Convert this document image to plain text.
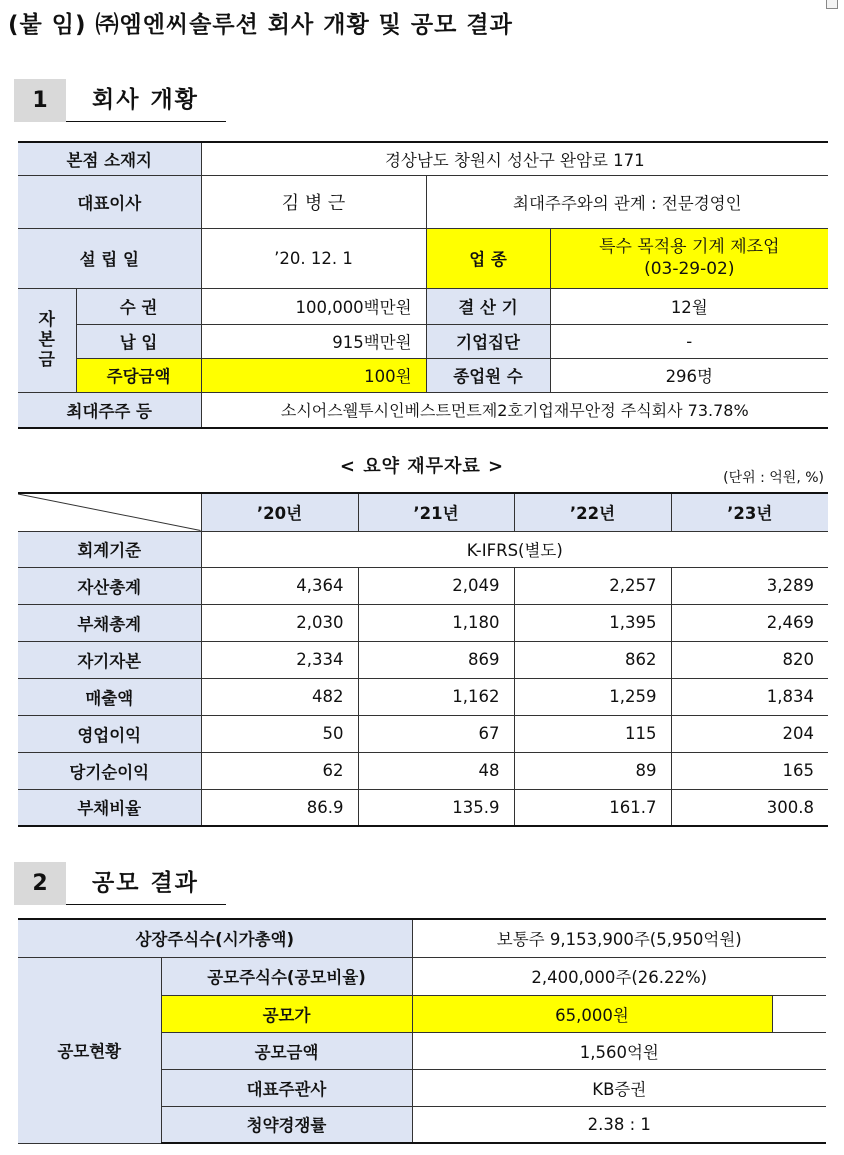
(붙 임) ㈜엠엔씨솔루션 회사 개황 및 공모 결과
1	회사 개황
본점 소재지		경상남도 창원시 성산구 완암로 171		
대표이사		김 병 근	최대주주와의 관계 : 전문경영인	
설 립 일		’20. 12. 1	업 종	특수 목적용 기계 제조업
(03-29-02)

자본금	수 권	100,000백만원	결 산 기	12월
	납 입	915백만원	기업집단	-
	주당금액	100원	종업원 수	296명
최대주주 등		소시어스웰투시인베스트먼트제2호기업재무안정 주식회사 73.78%		
< 요약 재무자료 >
(단위 : 억원, %)
	’20년	’21년	’22년	’23년
회계기준	K-IFRS(별도)			
자산총계	4,364	2,049	2,257	3,289
부채총계	2,030	1,180	1,395	2,469
자기자본	2,334	869	862	820
매출액	482	1,162	1,259	1,834
영업이익	50	67	115	204
당기순이익	62	48	89	165
부채비율	86.9	135.9	161.7	300.8
2	공모 결과
상장주식수(시가총액)		보통주 9,153,900주(5,950억원)	
공모현황	공모주식수(공모비율)	2,400,000주(26.22%)	
	공모가	65,000원	
	공모금액	1,560억원	
	대표주관사	KB증권	
	청약경쟁률	2.38 : 1	
